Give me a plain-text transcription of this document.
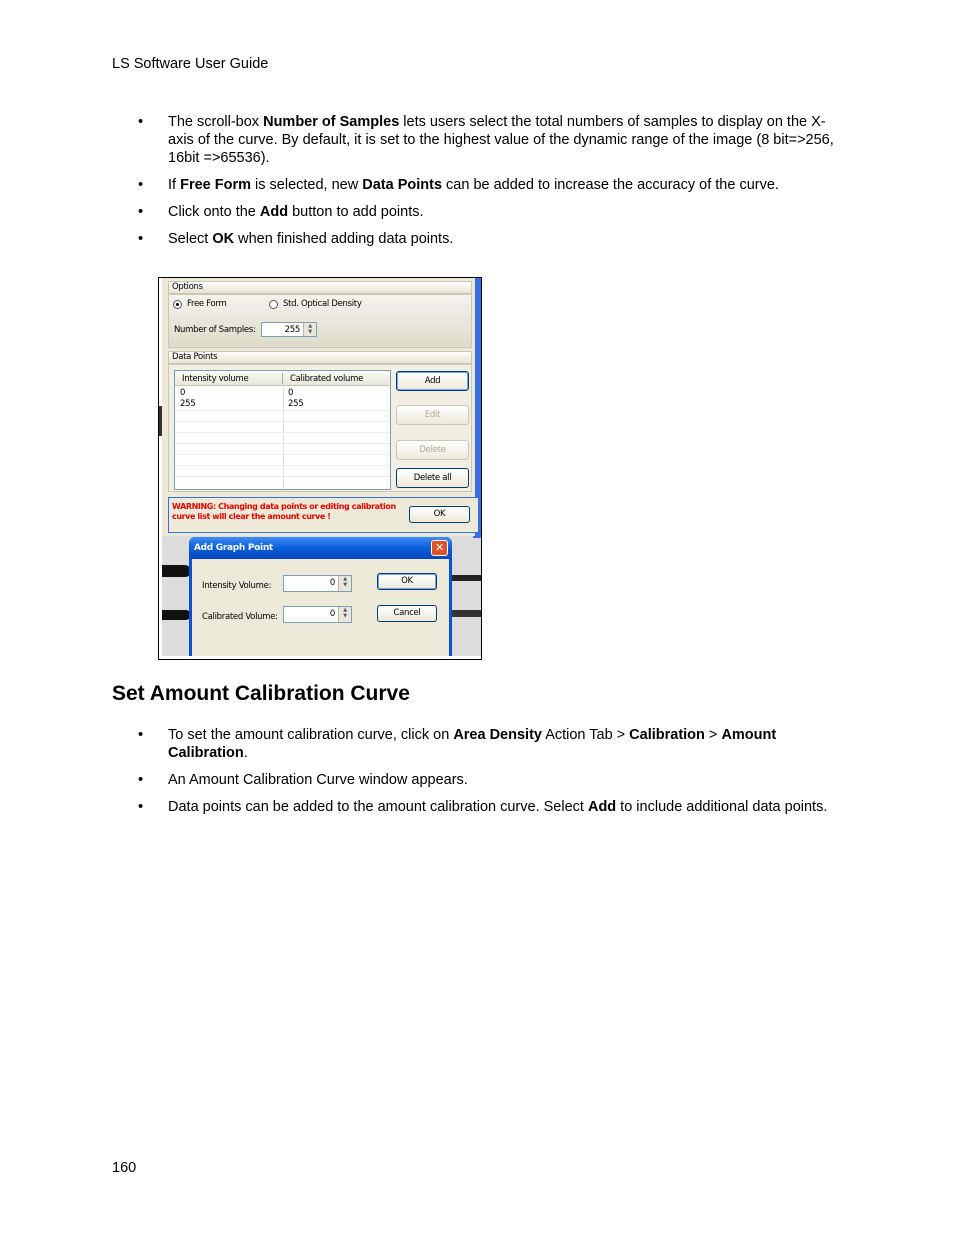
LS Software User Guide
• The scroll-box Number of Samples lets users select the total numbers of samples to display on the X-axis of the curve. By default, it is set to the highest value of the dynamic range of the image (8 bit=>256, 16bit =>65536).
• If Free Form is selected, new Data Points can be added to increase the accuracy of the curve.
• Click onto the Add button to add points.
• Select OK when finished adding data points.
Options
Free Form	Std. Optical Density
Number of Samples:	255	▲
▼
Data Points
Intensity volume	Calibrated volume
0	0
255	255
Add
Edit
Delete
Delete all
WARNING: Changing data points or editing calibration curve list will clear the amount curve !	OK
Add Graph Point	✕
Intensity Volume:	0	▲
▼
Calibrated Volume:	0	▲
▼
OK
Cancel
Set Amount Calibration Curve
• To set the amount calibration curve, click on Area Density Action Tab > Calibration > Amount Calibration.
• An Amount Calibration Curve window appears.
• Data points can be added to the amount calibration curve. Select Add to include additional data points.
160
